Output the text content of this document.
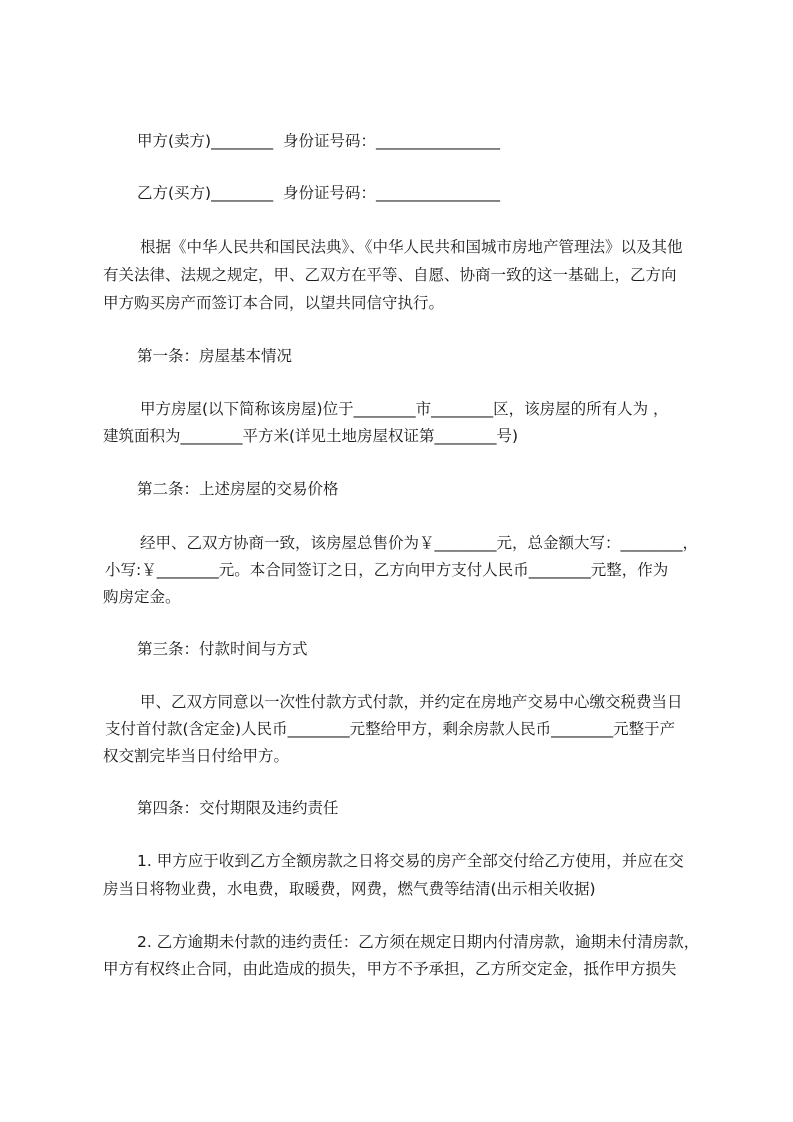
甲方(卖方)________  身份证号码：________________
乙方(买方)________  身份证号码：________________
根据《中华人民共和国民法典》、《中华人民共和国城市房地产管理法》以及其他
有关法律、法规之规定，甲、乙双方在平等、自愿、协商一致的这一基础上，乙方向
甲方购买房产而签订本合同，以望共同信守执行。
第一条：房屋基本情况
甲方房屋(以下简称该房屋)位于________市________区，该房屋的所有人为 ，
建筑面积为________平方米(详见土地房屋权证第________号)
第二条：上述房屋的交易价格
经甲、乙双方协商一致，该房屋总售价为￥________元，总金额大写：________，
小写:￥________元。本合同签订之日，乙方向甲方支付人民币________元整，作为
购房定金。
第三条：付款时间与方式
甲、乙双方同意以一次性付款方式付款，并约定在房地产交易中心缴交税费当日
支付首付款(含定金)人民币________元整给甲方，剩余房款人民币________元整于产
权交割完毕当日付给甲方。
第四条：交付期限及违约责任
1. 甲方应于收到乙方全额房款之日将交易的房产全部交付给乙方使用，并应在交
房当日将物业费，水电费，取暖费，网费，燃气费等结清(出示相关收据)
2. 乙方逾期未付款的违约责任：乙方须在规定日期内付清房款，逾期未付清房款，
甲方有权终止合同，由此造成的损失，甲方不予承担，乙方所交定金，抵作甲方损失
